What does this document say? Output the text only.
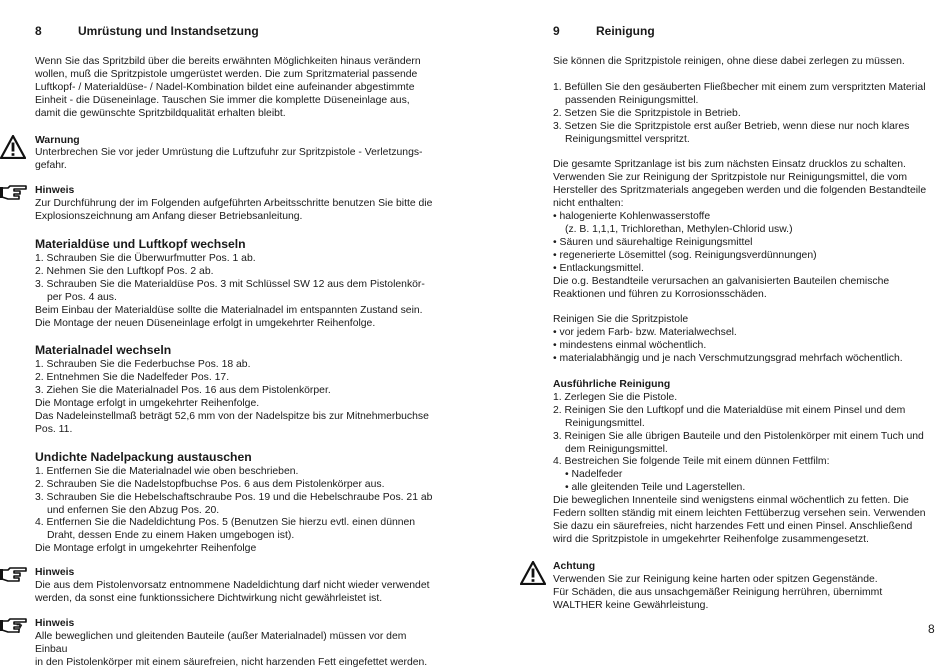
8	Umrüstung und Instandsetzung
Wenn Sie das Spritzbild über die bereits erwähnten Möglichkeiten hinaus verändern
wollen, muß die Spritzpistole umgerüstet werden. Die zum Spritzmaterial passende
Luftkopf- / Materialdüse- / Nadel-Kombination bildet eine aufeinander abgestimmte
Einheit - die Düseneinlage. Tauschen Sie immer die komplette Düseneinlage aus,
damit die gewünschte Spritzbildqualität erhalten bleibt.
Warnung
Unterbrechen Sie vor jeder Umrüstung die Luftzufuhr zur Spritzpistole - Verletzungs-
gefahr.
Hinweis
Zur Durchführung der im Folgenden aufgeführten Arbeitsschritte benutzen Sie bitte die
Explosionszeichnung am Anfang dieser Betriebsanleitung.
Materialdüse und Luftkopf wechseln
1. Schrauben Sie die Überwurfmutter Pos. 1 ab.
2. Nehmen Sie den Luftkopf Pos. 2 ab.
3. Schrauben Sie die Materialdüse Pos. 3 mit Schlüssel SW 12 aus dem Pistolenkör-
per Pos. 4 aus.
Beim Einbau der Materialdüse sollte die Materialnadel im entspannten Zustand sein.
Die Montage der neuen Düseneinlage erfolgt in umgekehrter Reihenfolge.
Materialnadel wechseln
1. Schrauben Sie die Federbuchse Pos. 18 ab.
2. Entnehmen Sie die Nadelfeder Pos. 17.
3. Ziehen Sie die Materialnadel Pos. 16 aus dem Pistolenkörper.
Die Montage erfolgt in umgekehrter Reihenfolge.
Das Nadeleinstellmaß beträgt 52,6 mm von der Nadelspitze bis zur Mitnehmerbuchse
Pos. 11.
Undichte Nadelpackung austauschen
1. Entfernen Sie die Materialnadel wie oben beschrieben.
2. Schrauben Sie die Nadelstopfbuchse Pos. 6 aus dem Pistolenkörper aus.
3. Schrauben Sie die Hebelschaftschraube Pos. 19 und die Hebelschraube Pos. 21 ab
und enfernen Sie den Abzug Pos. 20.
4. Entfernen Sie die Nadeldichtung Pos. 5 (Benutzen Sie hierzu evtl. einen dünnen
Draht, dessen Ende zu einem Haken umgebogen ist).
Die Montage erfolgt in umgekehrter Reihenfolge
Hinweis
Die aus dem Pistolenvorsatz entnommene Nadeldichtung darf nicht wieder verwendet
werden, da sonst eine funktionssichere Dichtwirkung nicht gewährleistet ist.
Hinweis
Alle beweglichen und gleitenden Bauteile (außer Materialnadel) müssen vor dem Einbau
in den Pistolenkörper mit einem säurefreien, nicht harzenden Fett eingefettet werden.
7
9	Reinigung
Sie können die Spritzpistole reinigen, ohne diese dabei zerlegen zu müssen.
1. Befüllen Sie den gesäuberten Fließbecher mit einem zum verspritzten Material
passenden Reinigungsmittel.
2. Setzen Sie die Spritzpistole in Betrieb.
3. Setzen Sie die Spritzpistole erst außer Betrieb, wenn diese nur noch klares
Reinigungsmittel verspritzt.
Die gesamte Spritzanlage ist bis zum nächsten Einsatz drucklos zu schalten.
Verwenden Sie zur Reinigung der Spritzpistole nur Reinigungsmittel, die vom
Hersteller des Spritzmaterials angegeben werden und die folgenden Bestandteile
nicht enthalten:
• halogenierte Kohlenwasserstoffe
(z. B. 1,1,1, Trichlorethan, Methylen-Chlorid usw.)
• Säuren und säurehaltige Reinigungsmittel
• regenerierte Lösemittel (sog. Reinigungsverdünnungen)
• Entlackungsmittel.
Die o.g. Bestandteile verursachen an galvanisierten Bauteilen chemische
Reaktionen und führen zu Korrosionsschäden.
Reinigen Sie die Spritzpistole
• vor jedem Farb- bzw. Materialwechsel.
• mindestens einmal wöchentlich.
• materialabhängig und je nach Verschmutzungsgrad mehrfach wöchentlich.
Ausführliche Reinigung
1. Zerlegen Sie die Pistole.
2. Reinigen Sie den Luftkopf und die Materialdüse mit einem Pinsel und dem
Reinigungsmittel.
3. Reinigen Sie alle übrigen Bauteile und den Pistolenkörper mit einem Tuch und
dem Reinigungsmittel.
4. Bestreichen Sie folgende Teile mit einem dünnen Fettfilm:
• Nadelfeder
• alle gleitenden Teile und Lagerstellen.
Die beweglichen Innenteile sind wenigstens einmal wöchentlich zu fetten. Die
Federn sollten ständig mit einem leichten Fettüberzug versehen sein. Verwenden
Sie dazu ein säurefreies, nicht harzendes Fett und einen Pinsel. Anschließend
wird die Spritzpistole in umgekehrter Reihenfolge zusammengesetzt.
Achtung
Verwenden Sie zur Reinigung keine harten oder spitzen Gegenstände.
Für Schäden, die aus unsachgemäßer Reinigung herrühren, übernimmt
WALTHER keine Gewährleistung.
8
